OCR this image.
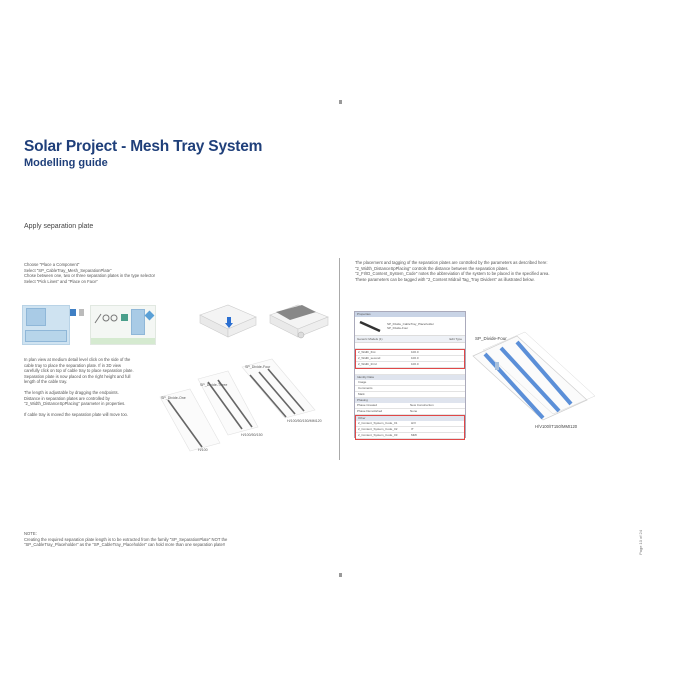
Solar Project - Mesh Tray System
Modelling guide
Apply separation plate
Choose "Place a Component"
Select "SP_CableTray_Mesh_SeparationPlate"
Chose between one, two or three separation plates in the type selector
Select "Pick Lines" and "Place on Face"

In plan view at medium detail level click on the side of the cable tray to place the separation plate. If in 3D view carefully click on top of cable tray to place separation plate. Separation plate is now placed on the right height and full length of the cable tray.

The length is adjustable by dragging the endpoints. Distance in separation plates are controlled by "2_Width_DistanceSpPlacing" parameter in properties.

If cable tray is moved the separation plate will move too.

SP_Divide-One
SP_Divide-Three
SP_Divide-Four
H/100
H/100/50/150
H/100/50/150/MM120
The placement and tagging of the separation plates are controlled by the parameters as described here:
"2_Width_DistanceSpPlacing" controls the distance between the separation plates.
"2_FI/ID_Content_System_Code" notes the abbreviation of the system to be placed in the specified area.
These parameters can be tagged with "2_Content Midrail Tag_Tray Dividers" as illustrated below.
Properties
SP_Divide_CableTray_Placeholder
SP_Divide-Four
Generic Models (1)	Edit Type
2_Width_first	100.0
2_Width_second	100.0
2_Width_third	100.0
Identity Data
Image
Comments
Mark
Phasing
Phase Created	New Construction
Phase Demolished	None
Other
2_Content_System_Code_01	H/V
2_Content_System_Code_02	IT
2_Content_System_Code_03	MMI
SP_Divide-Four
H/V100/IT150/MMI120
NOTE:
Creating the required separation plate length is to be extracted from the family "SP_SeparationPlate" NOT the
"SP_CableTray_Placeholder" as the "SP_CableTray_Placeholder" can hold more than one separation plate!!	Page 10 of 24
